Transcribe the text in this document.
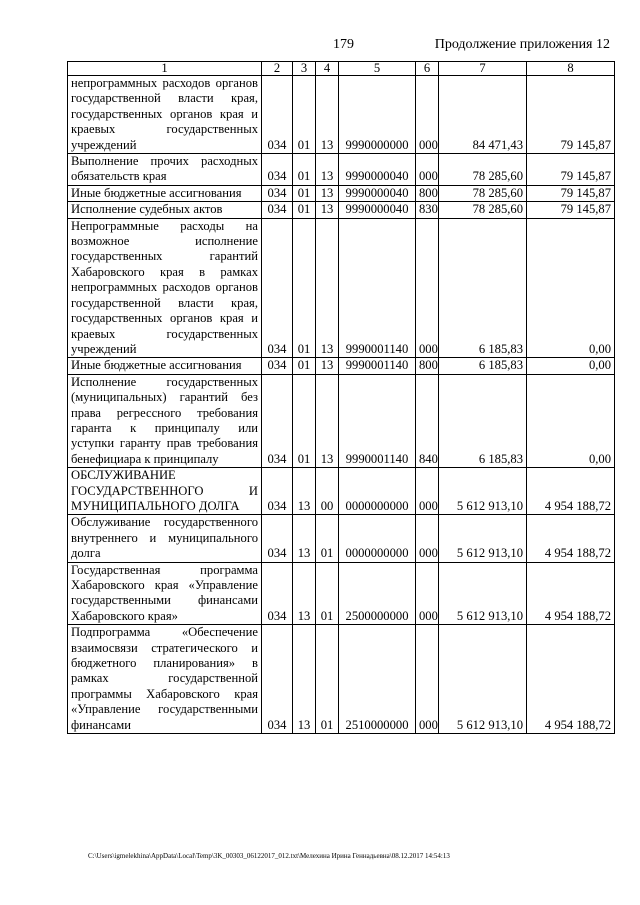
179	Продолжение приложения 12
1	2	3	4	5	6	7	8
непрограммных расходов органов государственной власти края, государственных органов края и краевых государственных учреждений	034	01	13	9990000000	000	84 471,43	79 145,87
Выполнение прочих расходных обязательств края	034	01	13	9990000040	000	78 285,60	79 145,87
Иные бюджетные ассигнования	034	01	13	9990000040	800	78 285,60	79 145,87
Исполнение судебных актов	034	01	13	9990000040	830	78 285,60	79 145,87
Непрограммные расходы на возможное исполнение государственных гарантий Хабаровского края в рамках непрограммных расходов органов государственной власти края, государственных органов края и краевых государственных учреждений	034	01	13	9990001140	000	6 185,83	0,00
Иные бюджетные ассигнования	034	01	13	9990001140	800	6 185,83	0,00
Исполнение государственных (муниципальных) гарантий без права регрессного требования гаранта к принципалу или уступки гаранту прав требования бенефициара к принципалу	034	01	13	9990001140	840	6 185,83	0,00
ОБСЛУЖИВАНИЕ ГОСУДАРСТВЕННОГО И МУНИЦИПАЛЬНОГО ДОЛГА	034	13	00	0000000000	000	5 612 913,10	4 954 188,72
Обслуживание государственного внутреннего и муниципального долга	034	13	01	0000000000	000	5 612 913,10	4 954 188,72
Государственная программа Хабаровского края «Управление государственными финансами Хабаровского края»	034	13	01	2500000000	000	5 612 913,10	4 954 188,72
Подпрограмма «Обеспечение взаимосвязи стратегического и бюджетного планирования» в рамках государственной программы Хабаровского края «Управление государственными финансами	034	13	01	2510000000	000	5 612 913,10	4 954 188,72
C:\Users\igmelekhina\AppData\Local\Temp\3K_00303_06122017_012.txt\Мелехина Ирина Геннадьевна\08.12.2017 14:54:13
